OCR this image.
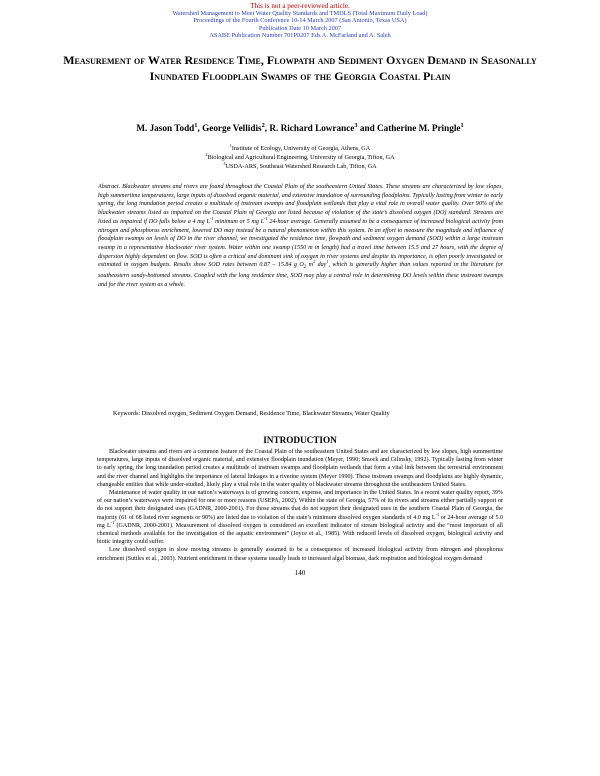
This is not a peer-reviewed article.
Watershed Management to Meet Water Quality Standards and TMDLS (Total Maximum Daily Load)
Proceedings of the Fourth Conference 10-14 March 2007 (San Antonio, Texas USA)
Publication Date 10 March 2007
ASABE Publication Number 701P0207 Eds A. McFarland and A. Saleh
Measurement of Water Residence Time, Flowpath and Sediment Oxygen Demand in Seasonally Inundated Floodplain Swamps of the Georgia Coastal Plain
M. Jason Todd$^1$, George Vellidis$^2$, R. Richard Lowrance$^3$ and Catherine M. Pringle$^1$
$^1$Institute of Ecology, University of Georgia, Athens, GA
$^2$Biological and Agricultural Engineering, University of Georgia, Tifton, GA
$^3$USDA-ARS, Southeast Watershed Research Lab, Tifton, GA
Abstract. Blackwater streams and rivers are found throughout the Coastal Plain of the southeastern United States. These streams are characterized by low slopes, high summertime temperatures, large inputs of dissolved organic material, and extensive inundation of surrounding floodplains. Typically lasting from winter to early spring, the long inundation period creates a multitude of instream swamps and floodplain wetlands that play a vital role in overall water quality. Over 90% of the blackwater streams listed as impaired on the Coastal Plain of Georgia are listed because of violation of the state’s dissolved oxygen (DO) standard. Streams are listed as impaired if DO falls below a 4 mg $L^{-1}$ minimum or 5 mg $L^{-1}$ 24-hour average. Generally assumed to be a consequence of increased biological activity from nitrogen and phosphorus enrichment, lowered DO may instead be a natural phenomenon within this system. In an effort to measure the magnitude and influence of floodplain swamps on levels of DO in the river channel, we investigated the residence time, flowpath and sediment oxygen demand (SOD) within a large instream swamp in a representative blackwater river system. Water within one swamp (1550 m in length) had a travel time between 15.5 and 27 hours, with the degree of dispersion highly dependent on flow. SOD is often a critical and dominant sink of oxygen in river systems and despite its importance, is often poorly investigated or estimated in oxygen budgets. Results show SOD rates between 0.87 – 15.84 g $O_2$ $m^2$ day$^1$, which is generally higher than values reported in the literature for southeastern sandy-bottomed streams. Coupled with the long residence time, SOD may play a central role in determining DO levels within these instream swamps and for the river system as a whole.
Keywords: Dissolved oxygen, Sediment Oxygen Demand, Residence Time, Blackwater Streams, Water Quality
INTRODUCTION

Blackwater streams and rivers are a common feature of the Coastal Plain of the southeastern United States and are characterized by low slopes, high summertime temperatures, large inputs of dissolved organic material, and extensive floodplain inundation (Meyer, 1990; Smock and Gilinsky, 1992). Typically lasting from winter to early spring, the long inundation period creates a multitude of instream swamps and floodplain wetlands that form a vital link between the terrestrial environment and the river channel and highlights the importance of lateral linkages in a riverine system (Meyer 1990). These instream swamps and floodplains are highly dynamic, changeable entities that while under-studied, likely play a vital role in the water quality of blackwater streams throughout the southeastern United States.

Maintenance of water quality in our nation’s waterways is of growing concern, expense, and importance in the United States. In a recent water quality report, 39% of our nation’s waterways were impaired for one or more reasons (USEPA, 2002). Within the state of Georgia, 57% of its rivers and streams either partially support or do not support their designated uses (GADNR, 2000-2001). For those streams that do not support their designated uses in the southern Coastal Plain of Georgia, the majority (61 of 68 listed river segments or 90%) are listed due to violation of the state’s minimum dissolved oxygen standards of 4.0 mg $L^{-1}$ or 24-hour average of 5.0 mg $L^{-1}$ (GADNR, 2000-2001). Measurement of dissolved oxygen is considered an excellent indicator of stream biological activity and the “most important of all chemical methods available for the investigation of the aquatic environment” (Joyce et al., 1985). With reduced levels of dissolved oxygen, biological activity and biotic integrity could suffer.

Low dissolved oxygen in slow moving streams is generally assumed to be a consequence of increased biological activity from nitrogen and phosphorus enrichment (Suttles et al., 2003). Nutrient enrichment in these systems usually leads to increased algal biomass, dark respiration and biological oxygen demand

140
